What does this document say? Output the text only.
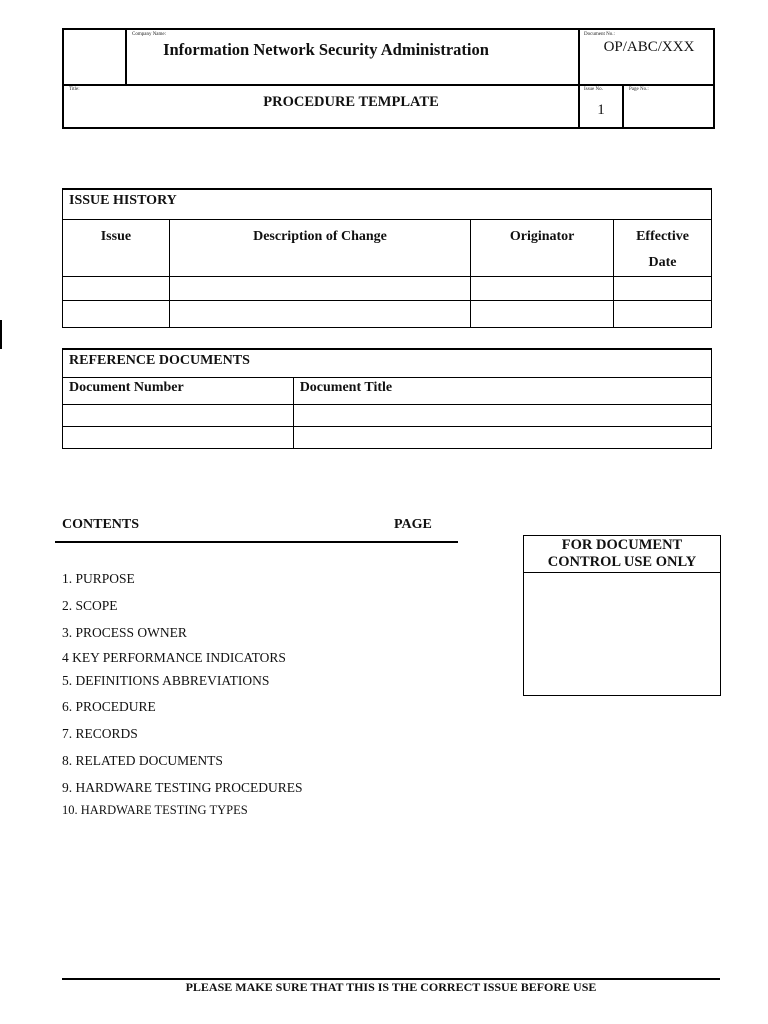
Company Name:
Information Network Security Administration
Document No.:
OP/ABC/XXX
Title:
PROCEDURE TEMPLATE
Issue No.
1
Page No.:
ISSUE HISTORY			
Issue	Description of Change	Originator	Effective Date

REFERENCE DOCUMENTS	
Document Number	Document Title

CONTENTS	PAGE
1. PURPOSE
2. SCOPE
3. PROCESS OWNER
4 KEY PERFORMANCE INDICATORS
5. DEFINITIONS ABBREVIATIONS
6. PROCEDURE
7. RECORDS
8. RELATED DOCUMENTS
9. HARDWARE TESTING PROCEDURES
10. HARDWARE TESTING TYPES
FOR DOCUMENT CONTROL USE ONLY
PLEASE MAKE SURE THAT THIS IS THE CORRECT ISSUE BEFORE USE
